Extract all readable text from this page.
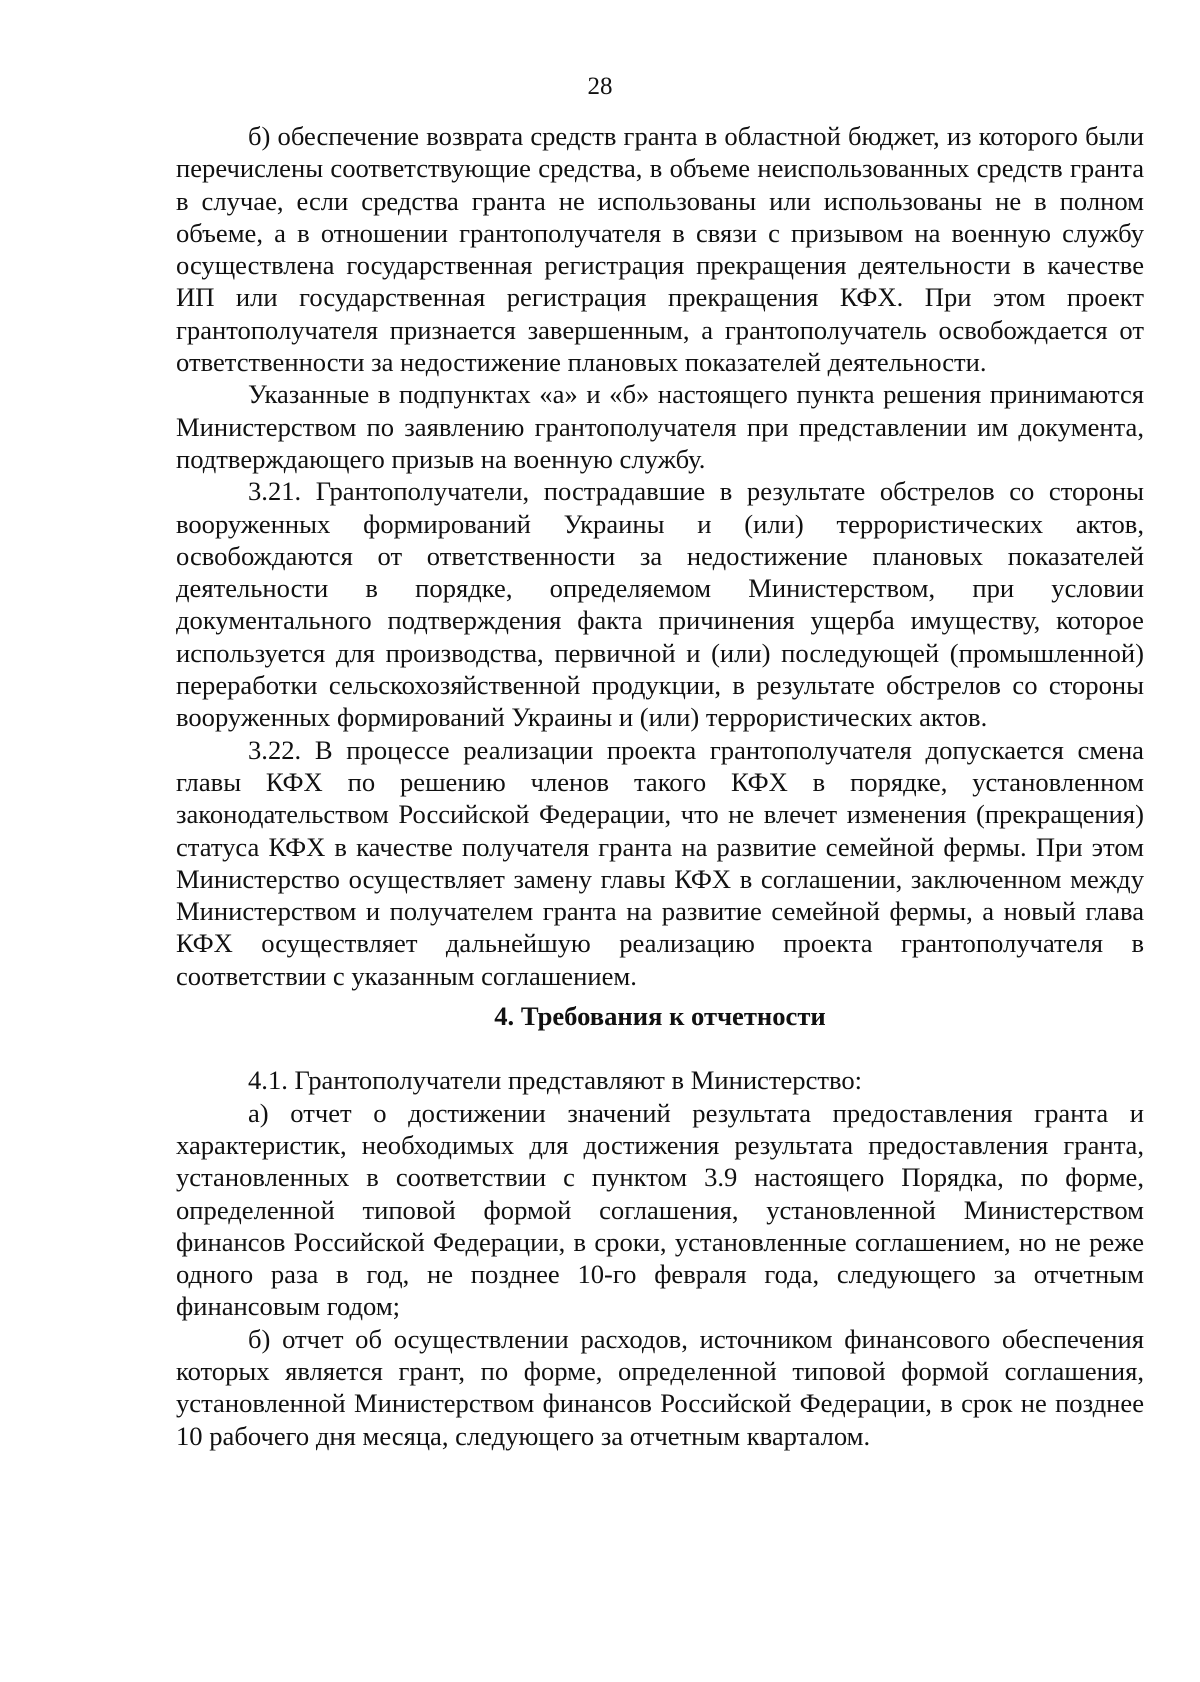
28

б) обеспечение возврата средств гранта в областной бюджет, из которого были перечислены соответствующие средства, в объеме неиспользованных средств гранта в случае, если средства гранта не использованы или использованы не в полном объеме, а в отношении грантополучателя в связи с призывом на военную службу осуществлена государственная регистрация прекращения деятельности в качестве ИП или государственная регистрация прекращения КФХ. При этом проект грантополучателя признается завершенным, а грантополучатель освобождается от ответственности за недостижение плановых показателей деятельности.

Указанные в подпунктах «а» и «б» настоящего пункта решения принимаются Министерством по заявлению грантополучателя при представлении им документа, подтверждающего призыв на военную службу.

3.21. Грантополучатели, пострадавшие в результате обстрелов со стороны вооруженных формирований Украины и (или) террористических актов, освобождаются от ответственности за недостижение плановых показателей деятельности в порядке, определяемом Министерством, при условии документального подтверждения факта причинения ущерба имуществу, которое используется для производства, первичной и (или) последующей (промышленной) переработки сельскохозяйственной продукции, в результате обстрелов со стороны вооруженных формирований Украины и (или) террористических актов.

3.22. В процессе реализации проекта грантополучателя допускается смена главы КФХ по решению членов такого КФХ в порядке, установленном законодательством Российской Федерации, что не влечет изменения (прекращения) статуса КФХ в качестве получателя гранта на развитие семейной фермы. При этом Министерство осуществляет замену главы КФХ в соглашении, заключенном между Министерством и получателем гранта на развитие семейной фермы, а новый глава КФХ осуществляет дальнейшую реализацию проекта грантополучателя в соответствии с указанным соглашением.

4. Требования к отчетности

4.1. Грантополучатели представляют в Министерство:

а) отчет о достижении значений результата предоставления гранта и характеристик, необходимых для достижения результата предоставления гранта, установленных в соответствии с пунктом 3.9 настоящего Порядка, по форме, определенной типовой формой соглашения, установленной Министерством финансов Российской Федерации, в сроки, установленные соглашением, но не реже одного раза в год, не позднее 10-го февраля года, следующего за отчетным финансовым годом;

б) отчет об осуществлении расходов, источником финансового обеспечения которых является грант, по форме, определенной типовой формой соглашения, установленной Министерством финансов Российской Федерации, в срок не позднее 10 рабочего дня месяца, следующего за отчетным кварталом.
